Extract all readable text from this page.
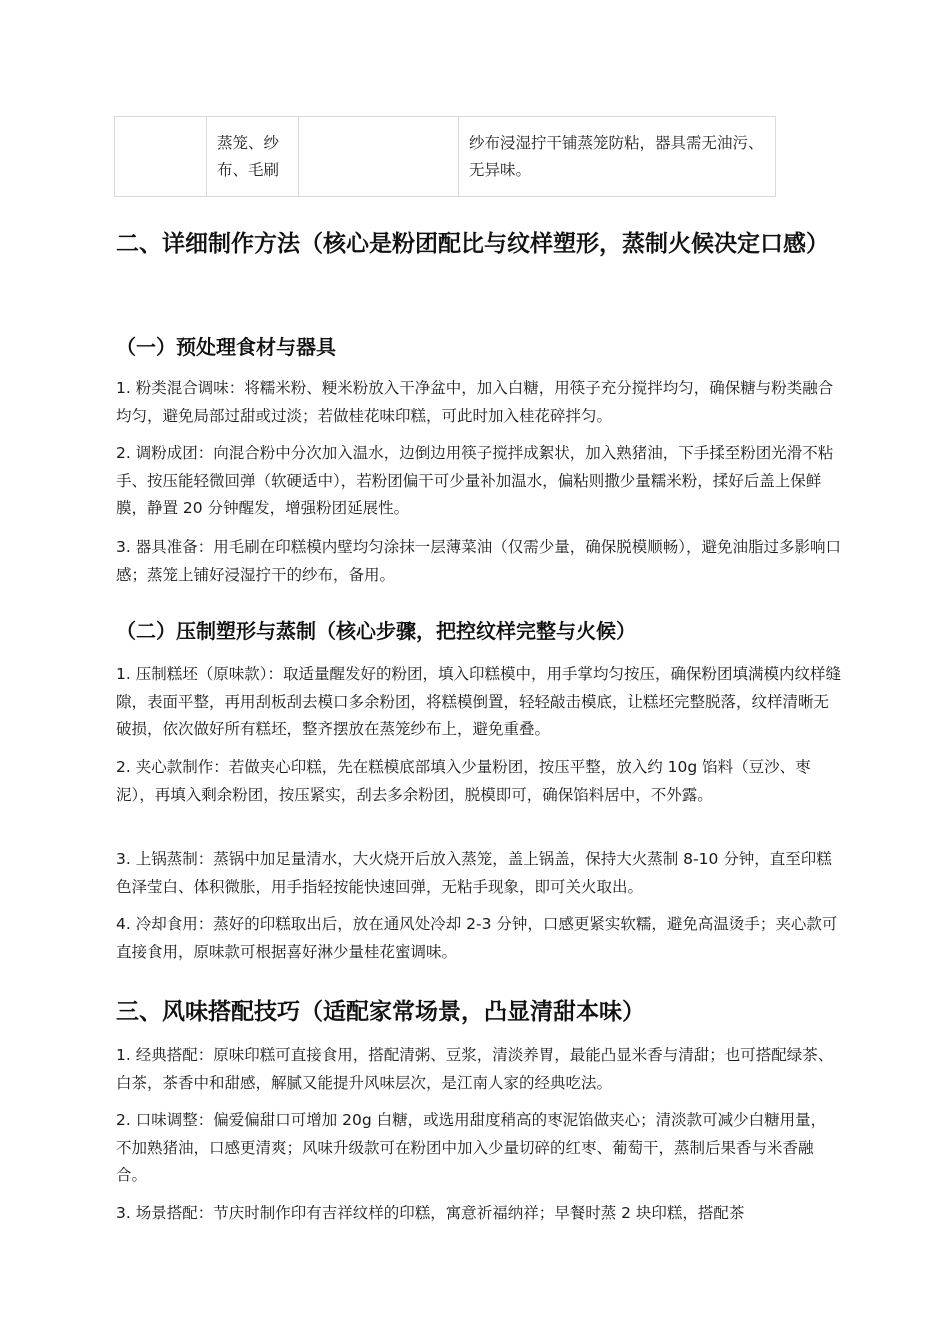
	蒸笼、纱布、毛刷		纱布浸湿拧干铺蒸笼防粘，器具需无油污、无异味。
二、详细制作方法（核心是粉团配比与纹样塑形，蒸制火候决定口感）
（一）预处理食材与器具

1. 粉类混合调味：将糯米粉、粳米粉放入干净盆中，加入白糖，用筷子充分搅拌均匀，确保糖与粉类融合均匀，避免局部过甜或过淡；若做桂花味印糕，可此时加入桂花碎拌匀。

2. 调粉成团：向混合粉中分次加入温水，边倒边用筷子搅拌成絮状，加入熟猪油，下手揉至粉团光滑不粘手、按压能轻微回弹（软硬适中），若粉团偏干可少量补加温水，偏粘则撒少量糯米粉，揉好后盖上保鲜膜，静置 20 分钟醒发，增强粉团延展性。

3. 器具准备：用毛刷在印糕模内壁均匀涂抹一层薄菜油（仅需少量，确保脱模顺畅），避免油脂过多影响口感；蒸笼上铺好浸湿拧干的纱布，备用。

（二）压制塑形与蒸制（核心步骤，把控纹样完整与火候）

1. 压制糕坯（原味款）：取适量醒发好的粉团，填入印糕模中，用手掌均匀按压，确保粉团填满模内纹样缝隙，表面平整，再用刮板刮去模口多余粉团，将糕模倒置，轻轻敲击模底，让糕坯完整脱落，纹样清晰无破损，依次做好所有糕坯，整齐摆放在蒸笼纱布上，避免重叠。

2. 夹心款制作：若做夹心印糕，先在糕模底部填入少量粉团，按压平整，放入约 10g 馅料（豆沙、枣泥），再填入剩余粉团，按压紧实，刮去多余粉团，脱模即可，确保馅料居中，不外露。

3. 上锅蒸制：蒸锅中加足量清水，大火烧开后放入蒸笼，盖上锅盖，保持大火蒸制 8-10 分钟，直至印糕色泽莹白、体积微胀，用手指轻按能快速回弹，无粘手现象，即可关火取出。

4. 冷却食用：蒸好的印糕取出后，放在通风处冷却 2-3 分钟，口感更紧实软糯，避免高温烫手；夹心款可直接食用，原味款可根据喜好淋少量桂花蜜调味。

三、风味搭配技巧（适配家常场景，凸显清甜本味）

1. 经典搭配：原味印糕可直接食用，搭配清粥、豆浆，清淡养胃，最能凸显米香与清甜；也可搭配绿茶、白茶，茶香中和甜感，解腻又能提升风味层次，是江南人家的经典吃法。

2. 口味调整：偏爱偏甜口可增加 20g 白糖，或选用甜度稍高的枣泥馅做夹心；清淡款可减少白糖用量，不加熟猪油，口感更清爽；风味升级款可在粉团中加入少量切碎的红枣、葡萄干，蒸制后果香与米香融合。

3. 场景搭配：节庆时制作印有吉祥纹样的印糕，寓意祈福纳祥；早餐时蒸 2 块印糕，搭配茶
